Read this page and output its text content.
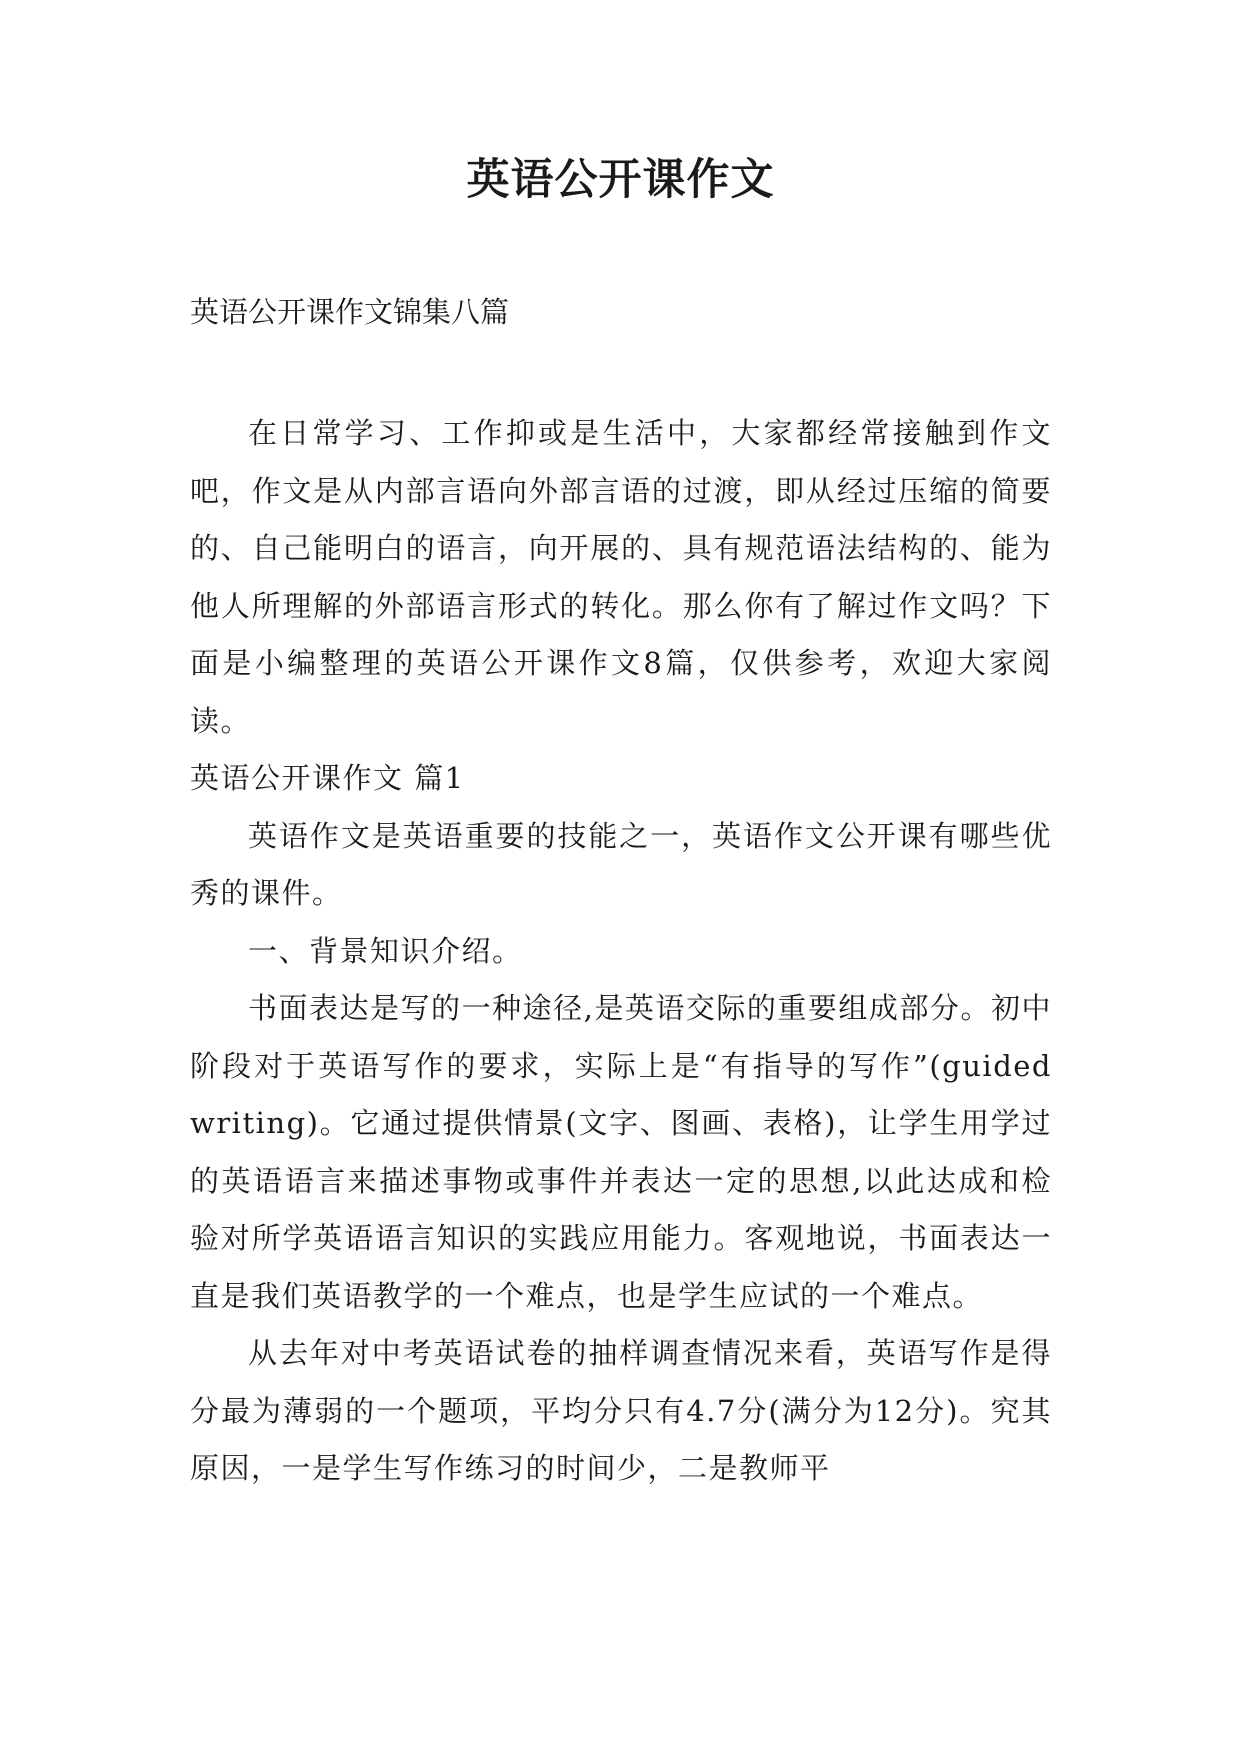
英语公开课作文

英语公开课作文锦集八篇

在日常学习、工作抑或是生活中，大家都经常接触到作文吧，作文是从内部言语向外部言语的过渡，即从经过压缩的简要的、自己能明白的语言，向开展的、具有规范语法结构的、能为他人所理解的外部语言形式的转化。那么你有了解过作文吗？下面是小编整理的英语公开课作文8篇，仅供参考，欢迎大家阅读。

英语公开课作文 篇1

英语作文是英语重要的技能之一，英语作文公开课有哪些优秀的课件。

一、背景知识介绍。

书面表达是写的一种途径,是英语交际的重要组成部分。初中阶段对于英语写作的要求，实际上是“有指导的写作”(guided writing)。它通过提供情景(文字、图画、表格)，让学生用学过的英语语言来描述事物或事件并表达一定的思想,以此达成和检验对所学英语语言知识的实践应用能力。客观地说，书面表达一直是我们英语教学的一个难点，也是学生应试的一个难点。

从去年对中考英语试卷的抽样调查情况来看，英语写作是得分最为薄弱的一个题项，平均分只有4.7分(满分为12分)。究其原因，一是学生写作练习的时间少，二是教师平
